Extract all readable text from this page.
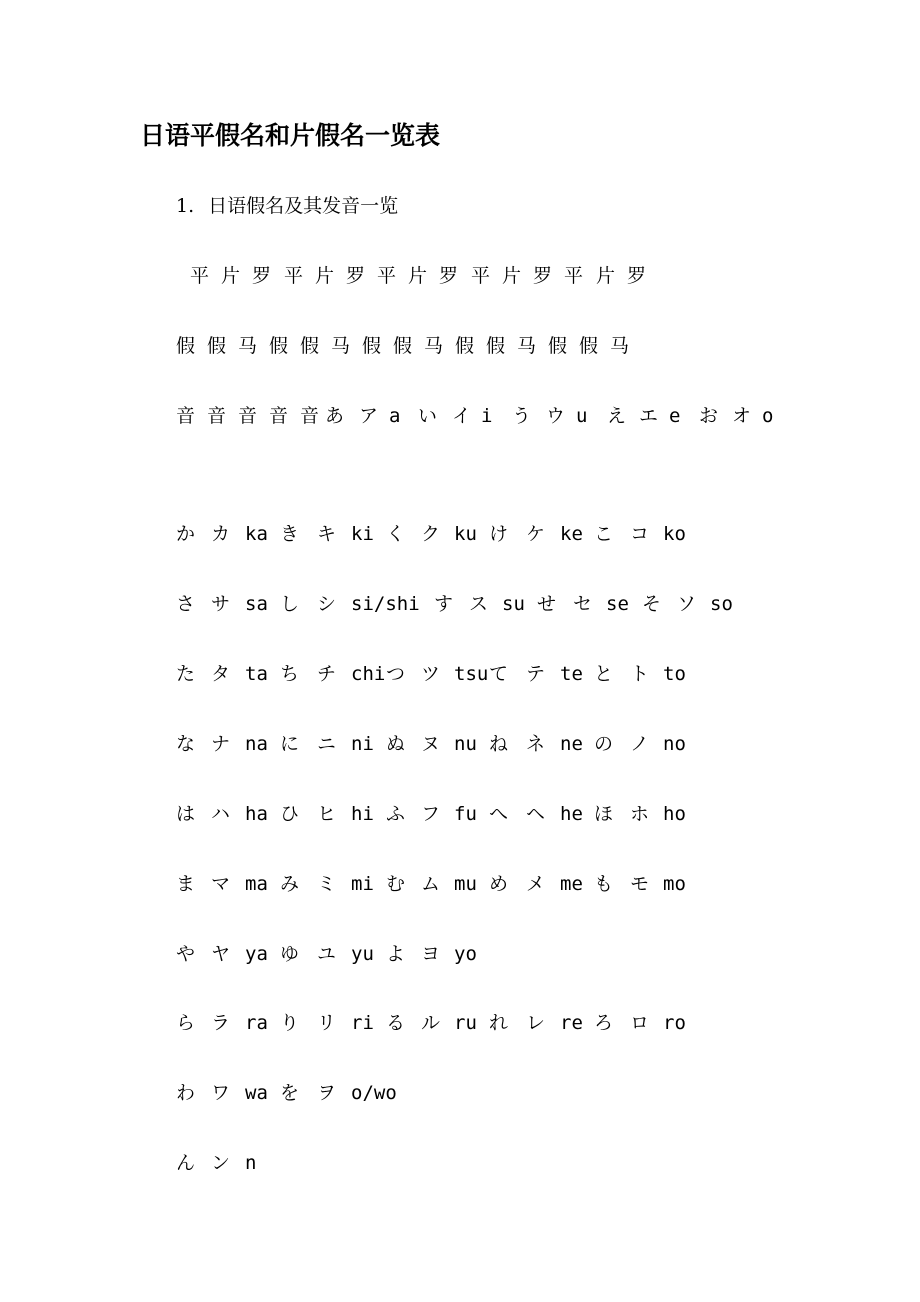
日语平假名和片假名一览表
1. 日语假名及其发音一览
平 片 罗 平 片 罗 平 片 罗 平 片 罗 平 片 罗
假 假 马 假 假 马 假 假 马 假 假 马 假 假 马
音 音 音 音 音 あ ア a い イ i う ウ u え エ e お オ o
か カ ka き キ ki く ク ku け ケ ke こ コ ko
さ サ sa し シ si/shi す ス su せ セ se そ ソ so
た タ ta ち チ chi つ ツ tsu て テ te と ト to
な ナ na に ニ ni ぬ ヌ nu ね ネ ne の ノ no
は ハ ha ひ ヒ hi ふ フ fu へ ヘ he ほ ホ ho
ま マ ma み ミ mi む ム mu め メ me も モ mo
や ヤ ya ゆ ユ yu よ ヨ yo
ら ラ ra り リ ri る ル ru れ レ re ろ ロ ro
わ ワ wa を ヲ o/wo
ん ン n
